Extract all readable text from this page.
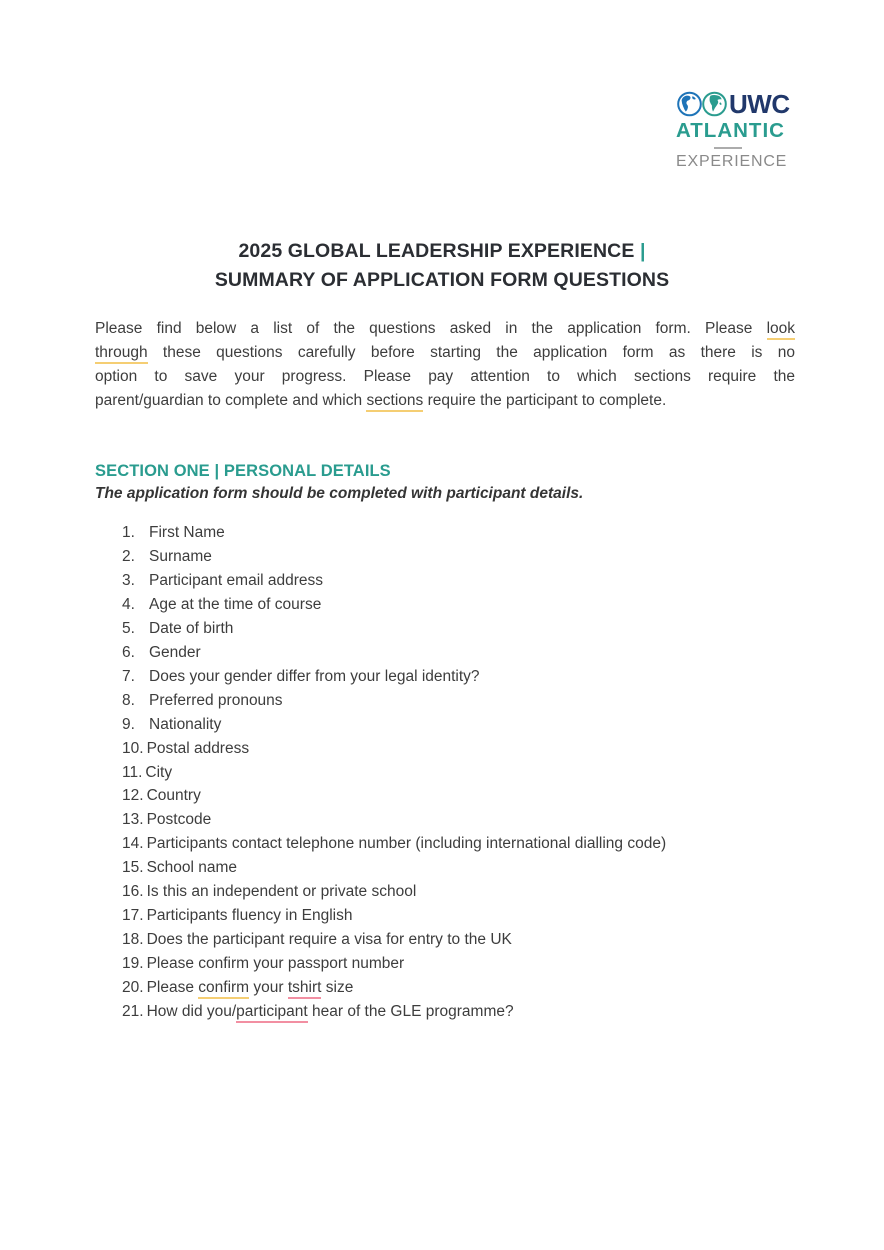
UWC
ATLANTIC
EXPERIENCE
2025 GLOBAL LEADERSHIP EXPERIENCE |
SUMMARY OF APPLICATION FORM QUESTIONS
Please find below a list of the questions asked in the application form. Please look
through these questions carefully before starting the application form as there is no
option to save your progress. Please pay attention to which sections require the
parent/guardian to complete and which sections require the participant to complete.
SECTION ONE | PERSONAL DETAILS
The application form should be completed with participant details.
1. First Name
2. Surname
3. Participant email address
4. Age at the time of course
5. Date of birth
6. Gender
7. Does your gender differ from your legal identity?
8. Preferred pronouns
9. Nationality
10. Postal address
11. City
12. Country
13. Postcode
14. Participants contact telephone number (including international dialling code)
15. School name
16. Is this an independent or private school
17. Participants fluency in English
18. Does the participant require a visa for entry to the UK
19. Please confirm your passport number
20. Please confirm your tshirt size
21. How did you/participant hear of the GLE programme?
